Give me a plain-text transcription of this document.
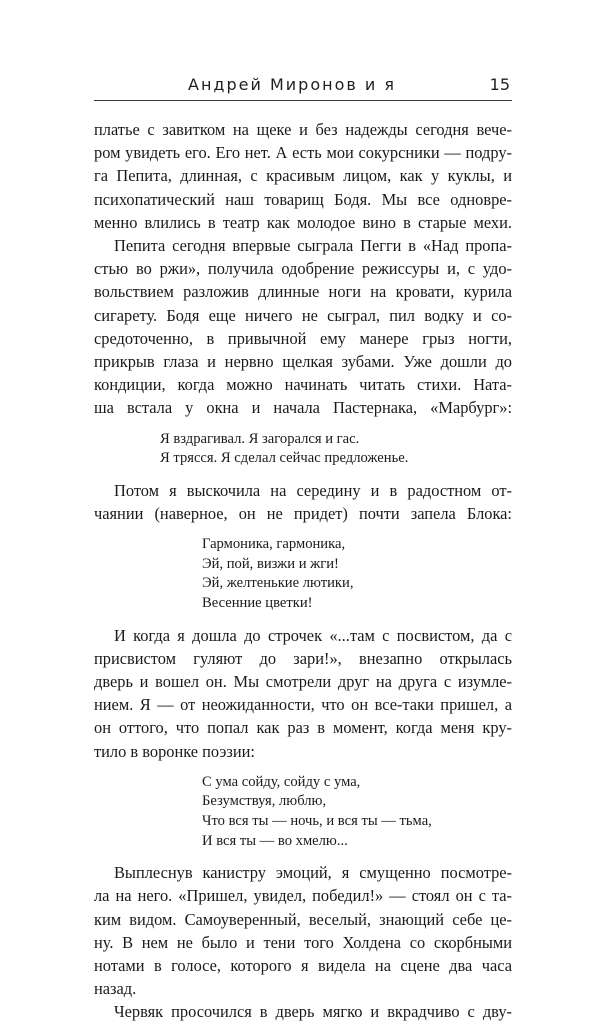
Андрей Миронов и я	15
платье с завитком на щеке и без надежды сегодня вече-
ром увидеть его. Его нет. А есть мои сокурсники — подру-
га Пепита, длинная, с красивым лицом, как у куклы, и
психопатический наш товарищ Бодя. Мы все одновре-
менно влились в театр как молодое вино в старые мехи.
Пепита сегодня впервые сыграла Пегги в «Над пропа-
стью во ржи», получила одобрение режиссуры и, с удо-
вольствием разложив длинные ноги на кровати, курила
сигарету. Бодя еще ничего не сыграл, пил водку и со-
средоточенно, в привычной ему манере грыз ногти,
прикрыв глаза и нервно щелкая зубами. Уже дошли до
кондиции, когда можно начинать читать стихи. Ната-
ша встала у окна и начала Пастернака, «Марбург»:
Я вздрагивал. Я загорался и гас.
Я трясся. Я сделал сейчас предложенье.
Потом я выскочила на середину и в радостном от-
чаянии (наверное, он не придет) почти запела Блока:
Гармоника, гармоника,
Эй, пой, визжи и жги!
Эй, желтенькие лютики,
Весенние цветки!
И когда я дошла до строчек «...там с посвистом, да с
присвистом гуляют до зари!», внезапно открылась
дверь и вошел он. Мы смотрели друг на друга с изумле-
нием. Я — от неожиданности, что он все-таки пришел, а
он оттого, что попал как раз в момент, когда меня кру-
тило в воронке поэзии:
С ума сойду, сойду с ума,
Безумствуя, люблю,
Что вся ты — ночь, и вся ты — тьма,
И вся ты — во хмелю...
Выплеснув канистру эмоций, я смущенно посмотре-
ла на него. «Пришел, увидел, победил!» — стоял он с та-
ким видом. Самоуверенный, веселый, знающий себе це-
ну. В нем не было и тени того Холдена со скорбными
нотами в голосе, которого я видела на сцене два часа
назад.
Червяк просочился в дверь мягко и вкрадчиво с дву-
